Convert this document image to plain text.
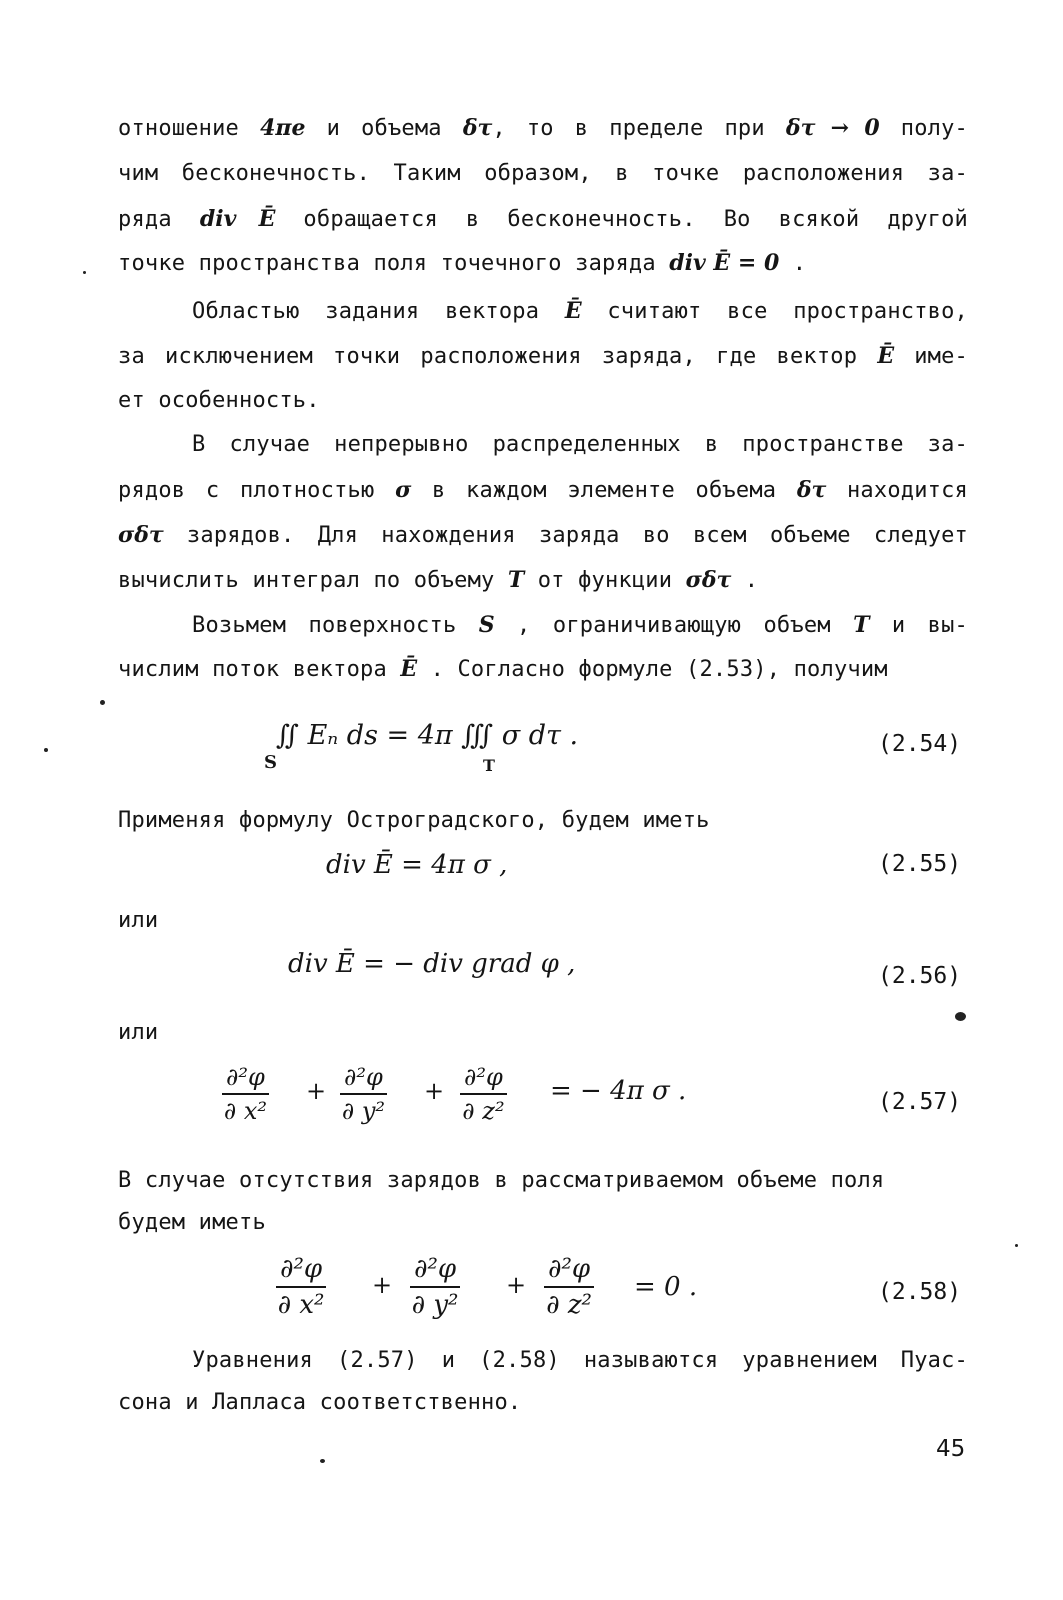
отношение 4πe и объема δτ, то в пределе при δτ → 0 полу-
чим бесконечность. Таким образом, в точке расположения за-
ряда div Ē обращается в бесконечность. Во всякой другой
точке пространства поля точечного заряда div Ē = 0 .
Областью задания вектора Ē считают все пространство,
за исключением точки расположения заряда, где вектор Ē име-
ет особенность.
В случае непрерывно распределенных в пространстве за-
рядов с плотностью σ в каждом элементе объема δτ находится
σδτ зарядов. Для нахождения заряда во всем объеме следует
вычислить интеграл по объему T от функции σδτ .
Возьмем поверхность S , ограничивающую объем T и вы-
числим поток вектора Ē . Согласно формуле (2.53), получим
∬ Eₙ ds = 4π ∭ σ dτ .
S	T
(2.54)
Применяя формулу Остроградского, будем иметь
div Ē = 4π σ ,	(2.55)
или
div Ē = − div grad φ ,	(2.56)
или
$\frac{\text{∂²φ}}{\text{∂ x²}} + \frac{\text{∂²φ}}{\text{∂ y²}} + \frac{\text{∂²φ}}{\text{∂ z²}}$ = − 4π σ .	(2.57)
В случае отсутствия зарядов в рассматриваемом объеме поля
будем иметь
$\frac{\text{∂²φ}}{\text{∂ x²}} + \frac{\text{∂²φ}}{\text{∂ y²}} + \frac{\text{∂²φ}}{\text{∂ z²}} = 0$ .	(2.58)
Уравнения (2.57) и (2.58) называются уравнением Пуас-
сона и Лапласа соответственно.
45
